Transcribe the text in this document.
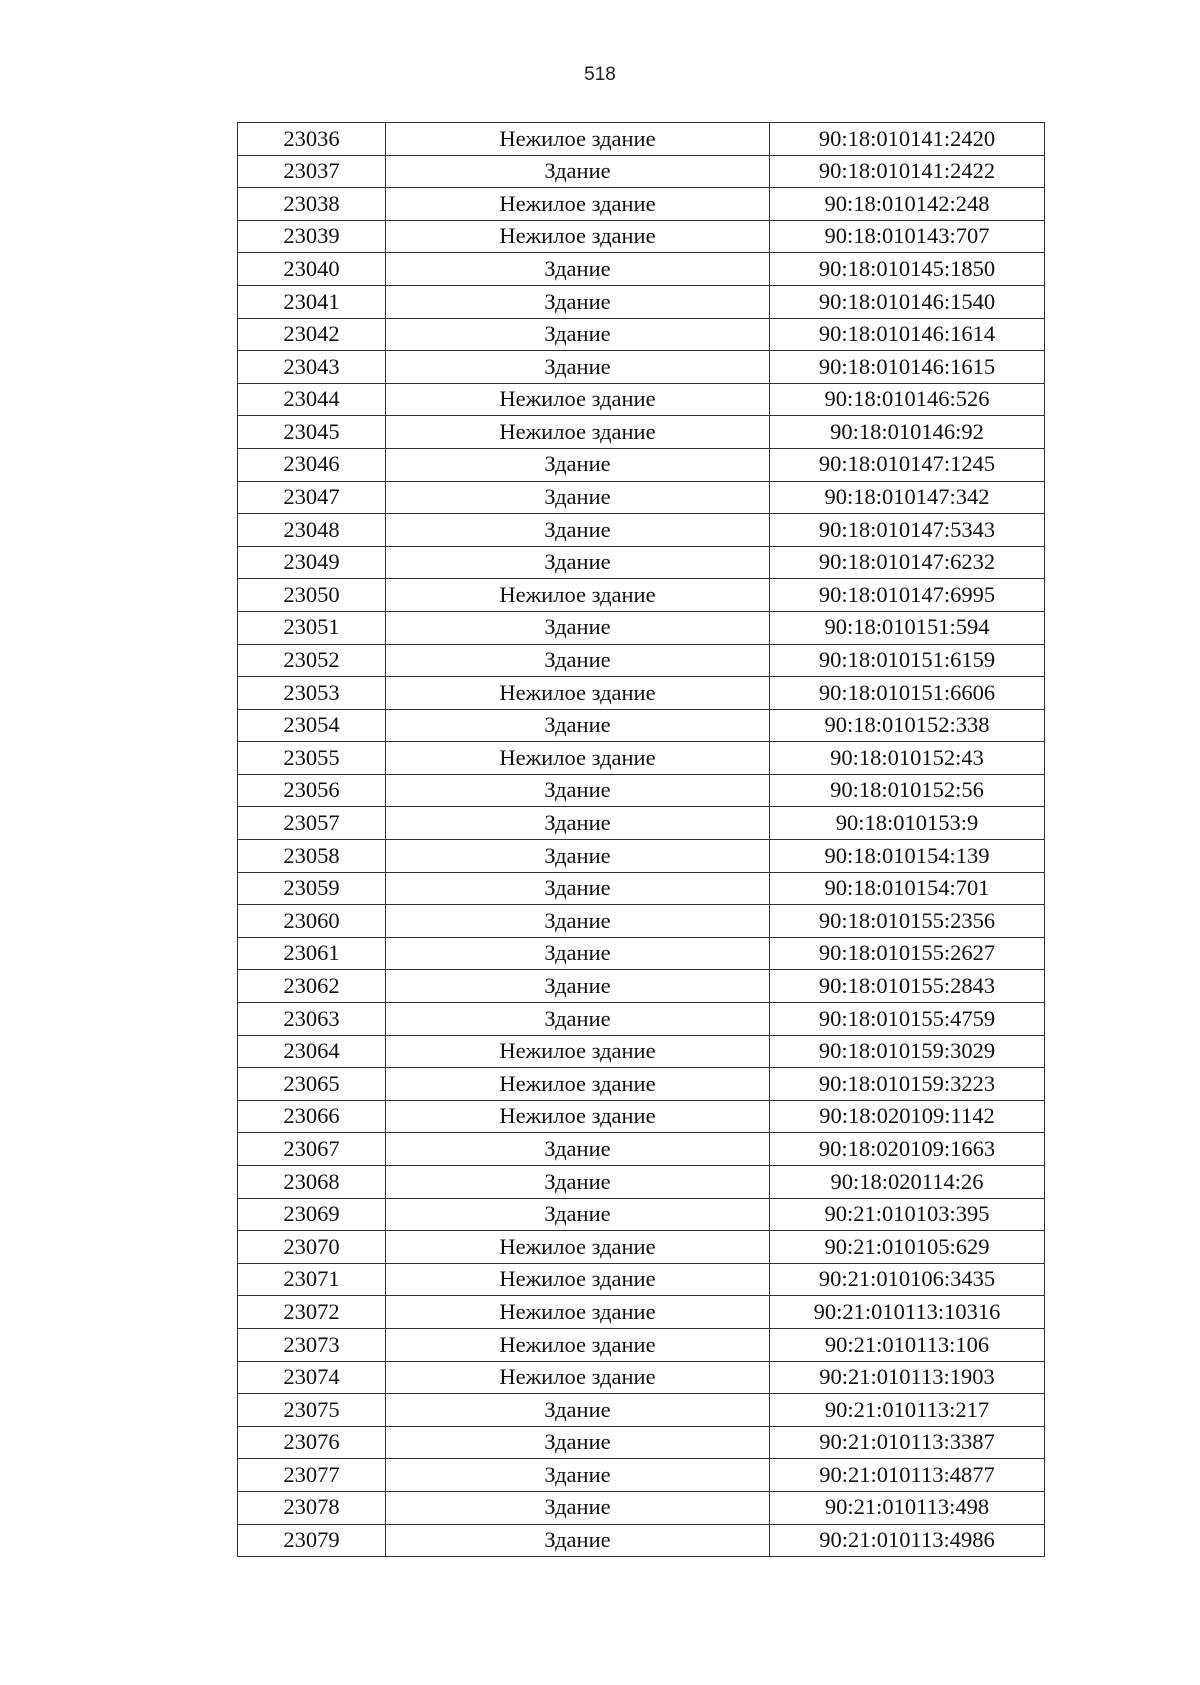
518
23036	Нежилое здание	90:18:010141:2420
23037	Здание	90:18:010141:2422
23038	Нежилое здание	90:18:010142:248
23039	Нежилое здание	90:18:010143:707
23040	Здание	90:18:010145:1850
23041	Здание	90:18:010146:1540
23042	Здание	90:18:010146:1614
23043	Здание	90:18:010146:1615
23044	Нежилое здание	90:18:010146:526
23045	Нежилое здание	90:18:010146:92
23046	Здание	90:18:010147:1245
23047	Здание	90:18:010147:342
23048	Здание	90:18:010147:5343
23049	Здание	90:18:010147:6232
23050	Нежилое здание	90:18:010147:6995
23051	Здание	90:18:010151:594
23052	Здание	90:18:010151:6159
23053	Нежилое здание	90:18:010151:6606
23054	Здание	90:18:010152:338
23055	Нежилое здание	90:18:010152:43
23056	Здание	90:18:010152:56
23057	Здание	90:18:010153:9
23058	Здание	90:18:010154:139
23059	Здание	90:18:010154:701
23060	Здание	90:18:010155:2356
23061	Здание	90:18:010155:2627
23062	Здание	90:18:010155:2843
23063	Здание	90:18:010155:4759
23064	Нежилое здание	90:18:010159:3029
23065	Нежилое здание	90:18:010159:3223
23066	Нежилое здание	90:18:020109:1142
23067	Здание	90:18:020109:1663
23068	Здание	90:18:020114:26
23069	Здание	90:21:010103:395
23070	Нежилое здание	90:21:010105:629
23071	Нежилое здание	90:21:010106:3435
23072	Нежилое здание	90:21:010113:10316
23073	Нежилое здание	90:21:010113:106
23074	Нежилое здание	90:21:010113:1903
23075	Здание	90:21:010113:217
23076	Здание	90:21:010113:3387
23077	Здание	90:21:010113:4877
23078	Здание	90:21:010113:498
23079	Здание	90:21:010113:4986
